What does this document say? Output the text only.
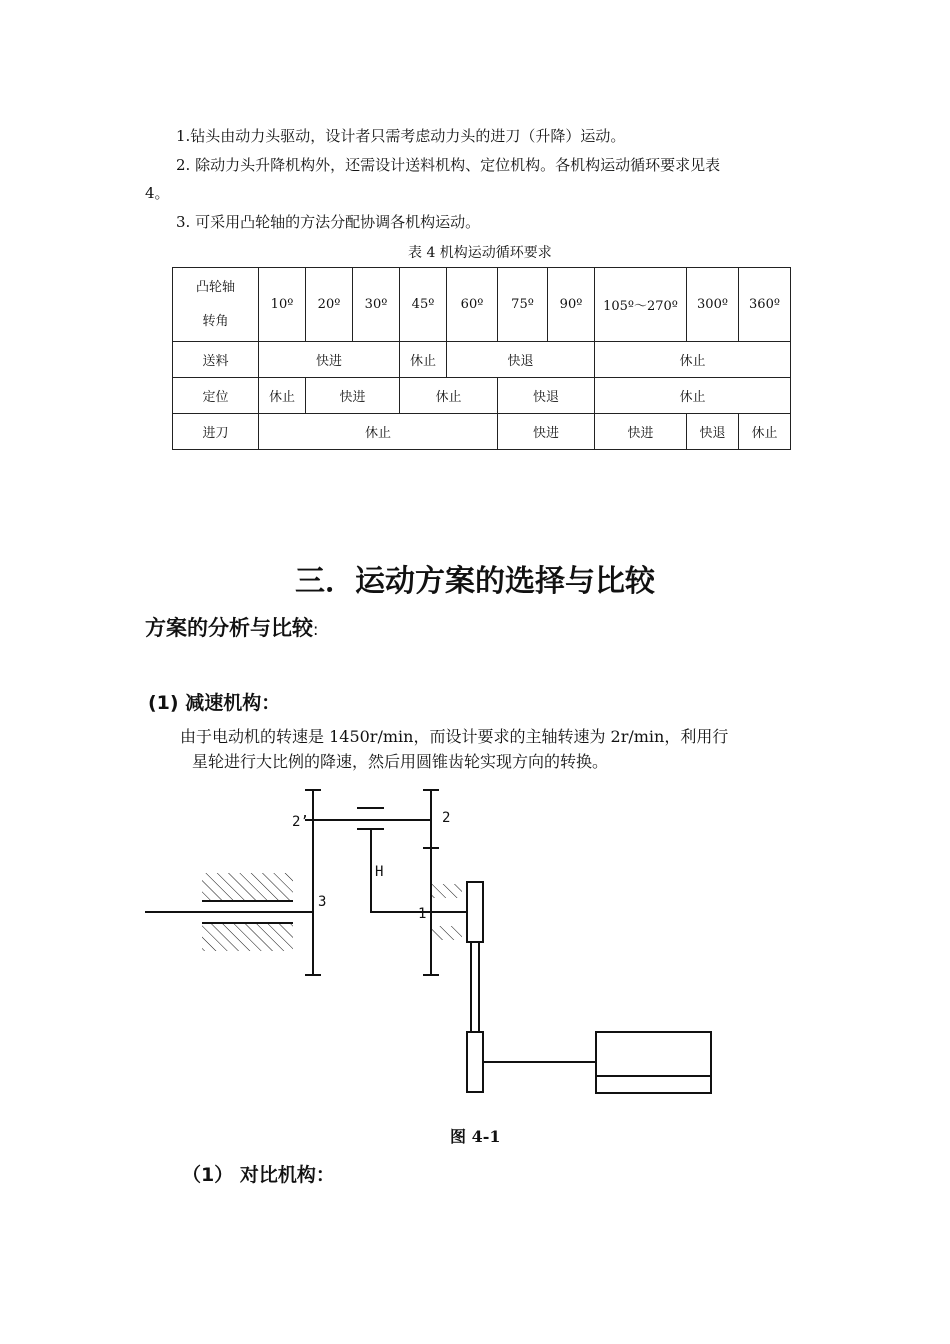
1.钻头由动力头驱动，设计者只需考虑动力头的进刀（升降）运动。
2. 除动力头升降机构外，还需设计送料机构、定位机构。各机构运动循环要求见表
4。
3. 可采用凸轮轴的方法分配协调各机构运动。
表 4 机构运动循环要求
凸轮轴
转角	10º	20º	30º	45º	60º	75º	90º	105º～270º	300º	360º
送料	快进			休止	快退			休止		
定位	休止	快进		休止		快退		休止		
进刀	休止					快进		快进	快退	休止
三．运动方案的选择与比较
方案的分析与比较:
(1) 减速机构：
由于电动机的转速是 1450r/min，而设计要求的主轴转速为 2r/min，利用行
星轮进行大比例的降速，然后用圆锥齿轮实现方向的转换。
2’	2
H
3
1
图 4-1
（1） 对比机构：
